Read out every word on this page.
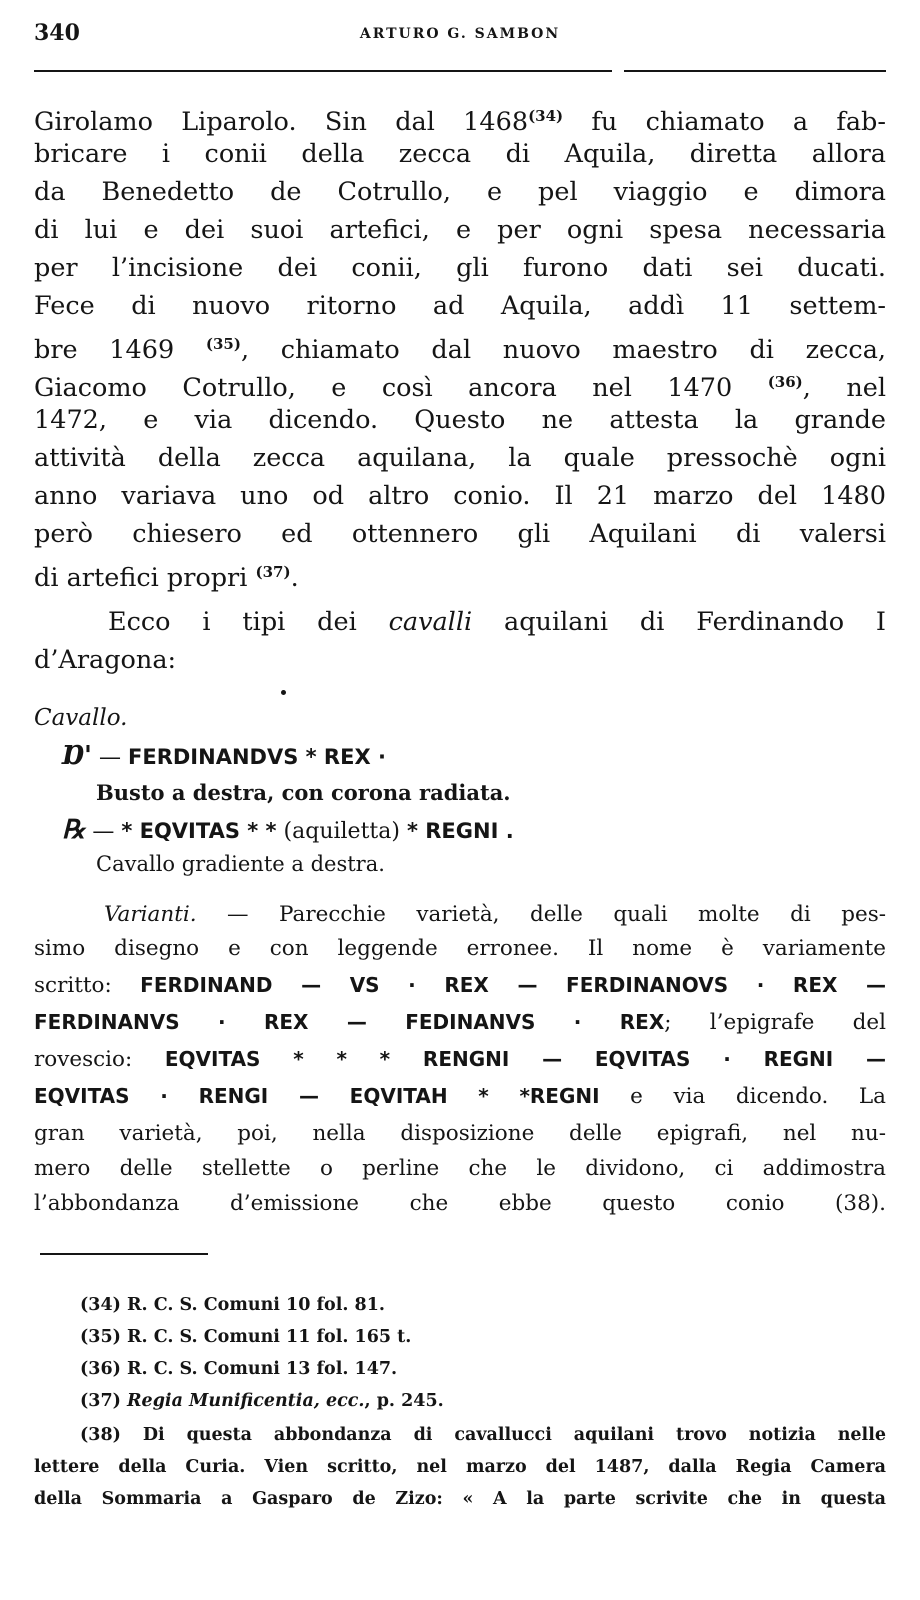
340	ARTURO G. SAMBON
Girolamo Liparolo. Sin dal 1468$^{(34)}$ fu chiamato a fab-
bricare i conii della zecca di Aquila, diretta allora
da Benedetto de Cotrullo, e pel viaggio e dimora
di lui e dei suoi artefici, e per ogni spesa necessaria
per l’incisione dei conii, gli furono dati sei ducati.
Fece di nuovo ritorno ad Aquila, addì 11 settem-
bre 1469 $^{(35)}$, chiamato dal nuovo maestro di zecca,
Giacomo Cotrullo, e così ancora nel 1470 $^{(36)}$, nel
1472, e via dicendo. Questo ne attesta la grande
attività della zecca aquilana, la quale pressochè ogni
anno variava uno od altro conio. Il 21 marzo del 1480
però chiesero ed ottennero gli Aquilani di valersi
di artefici propri $^{(37)}$.
Ecco i tipi dei cavalli aquilani di Ferdinando I
d’Aragona:
Cavallo.
Ɒ' — FERDINANDVS * REX ·
Busto a destra, con corona radiata.
℞ — * EQVITAS * * (aquiletta) * REGNI .
Cavallo gradiente a destra.
Varianti. — Parecchie varietà, delle quali molte di pes-
simo disegno e con leggende erronee. Il nome è variamente
scritto: FERDINAND — VS · REX — FERDINANOVS · REX —
FERDINANVS · REX — FEDINANVS · REX; l’epigrafe del
rovescio: EQVITAS * * * RENGNI — EQVITAS · REGNI —
EQVITAS · RENGI — EQVITAH * *REGNI e via dicendo. La
gran varietà, poi, nella disposizione delle epigrafi, nel nu-
mero delle stellette o perline che le dividono, ci addimostra
l’abbondanza d’emissione che ebbe questo conio (38).
(34) R. C. S. Comuni 10 fol. 81.
(35) R. C. S. Comuni 11 fol. 165 t.
(36) R. C. S. Comuni 13 fol. 147.
(37) Regia Munificentia, ecc., p. 245.
(38) Di questa abbondanza di cavallucci aquilani trovo notizia nelle
lettere della Curia. Vien scritto, nel marzo del 1487, dalla Regia Camera
della Sommaria a Gasparo de Zizo: « A la parte scrivite che in questa
